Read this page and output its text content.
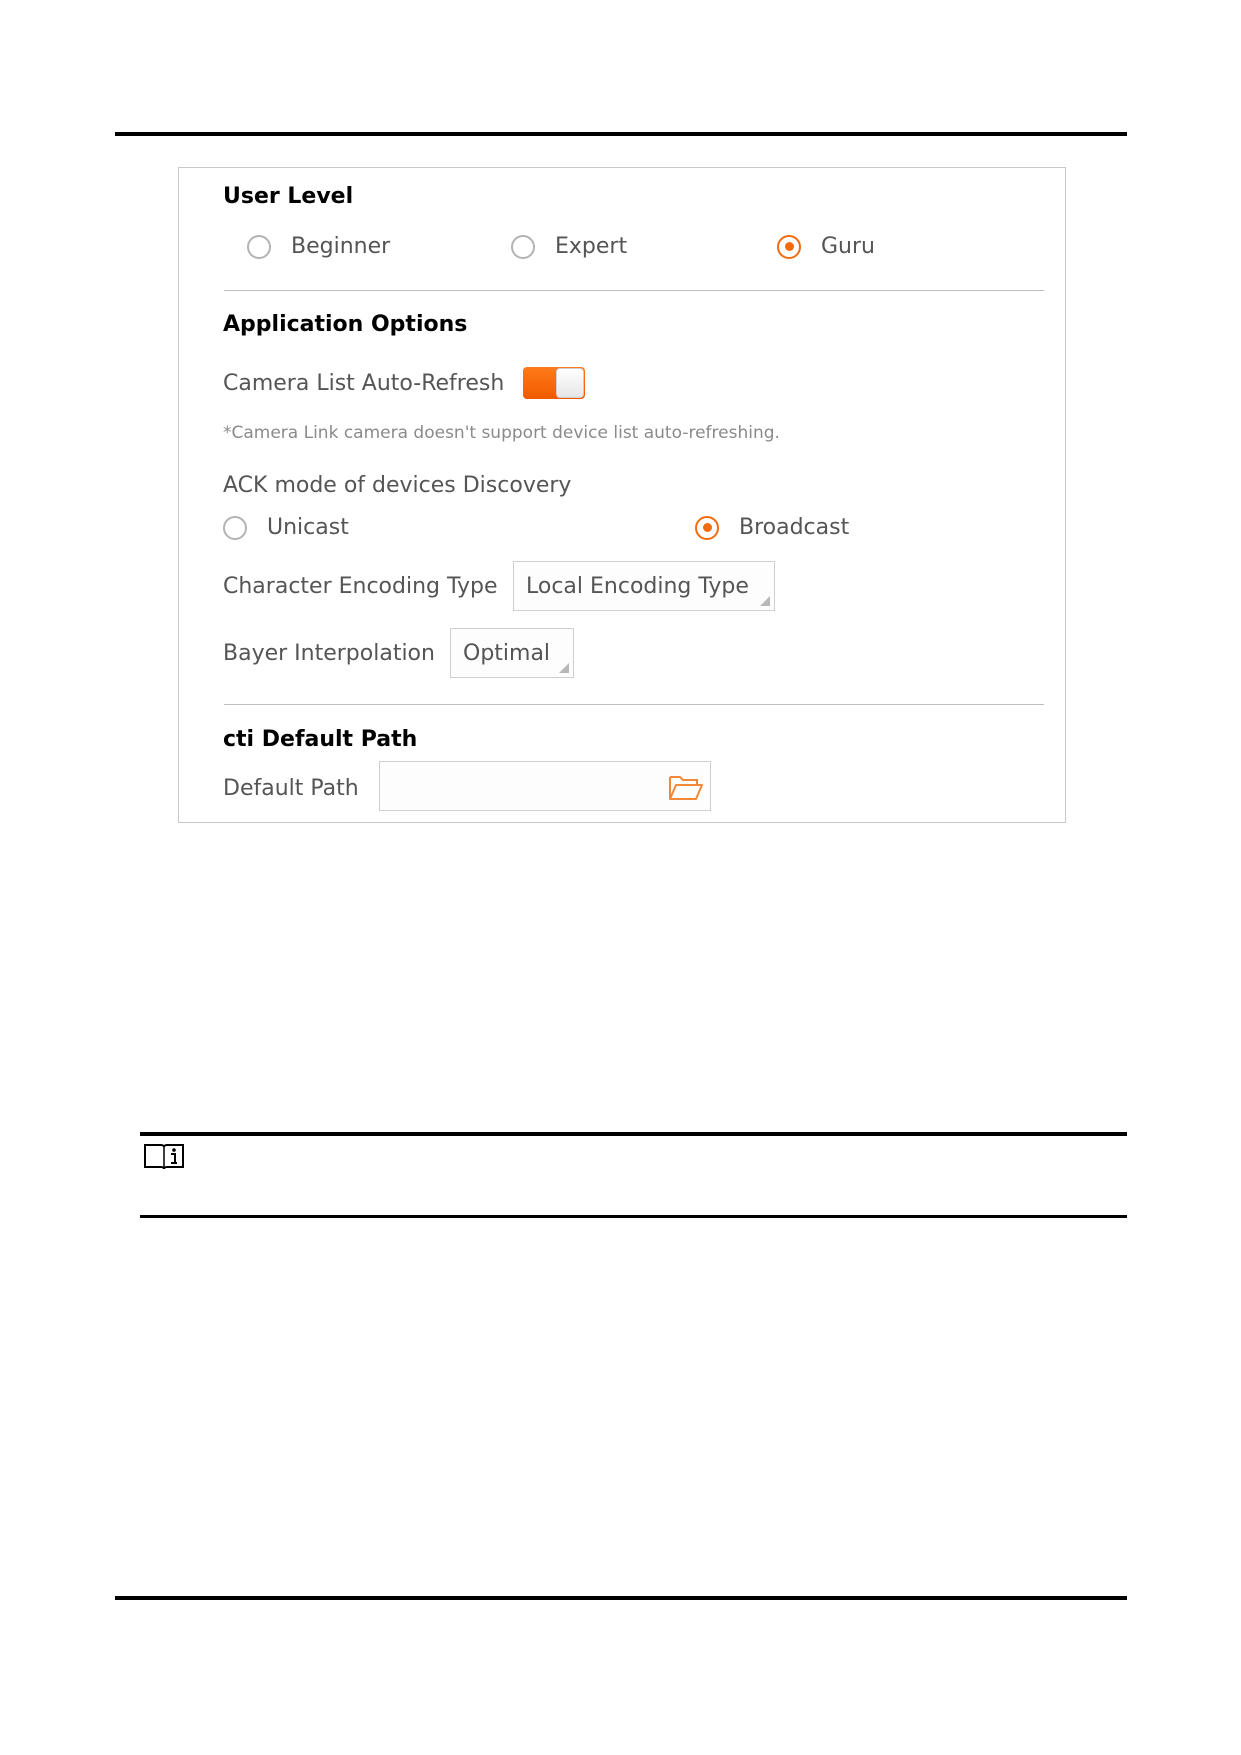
User Level
Beginner	Expert	Guru
Application Options
Camera List Auto-Refresh
*Camera Link camera doesn't support device list auto-refreshing.
ACK mode of devices Discovery
Unicast	Broadcast
Character Encoding Type	Local Encoding Type
Bayer Interpolation	Optimal
cti Default Path
Default Path
